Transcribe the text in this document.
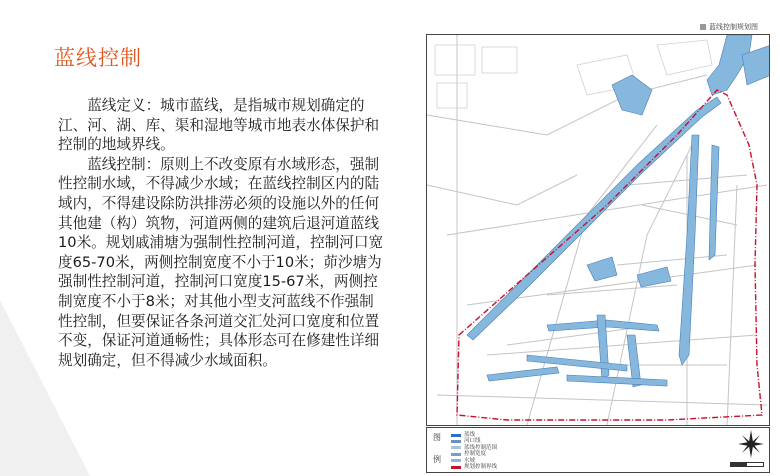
蓝线控制

蓝线定义：城市蓝线，是指城市规划确定的江、河、湖、库、渠和湿地等城市地表水体保护和控制的地域界线。

蓝线控制：原则上不改变原有水域形态，强制性控制水域，不得减少水域；在蓝线控制区内的陆域内，不得建设除防洪排涝必须的设施以外的任何其他建（构）筑物，河道两侧的建筑后退河道蓝线10米。规划戚浦塘为强制性控制河道，控制河口宽度65-70米，两侧控制宽度不小于10米；茆沙塘为强制性控制河道，控制河口宽度15-67米，两侧控制宽度不小于8米；对其他小型支河蓝线不作强制性控制，但要保证各条河道交汇处河口宽度和位置不变，保证河道通畅性；具体形态可在修建性详细规划确定，但不得减少水域面积。

蓝线控制规划图
图
例
蓝线
河口线
蓝线控制范围
控制宽度
水域
规划控制界线
